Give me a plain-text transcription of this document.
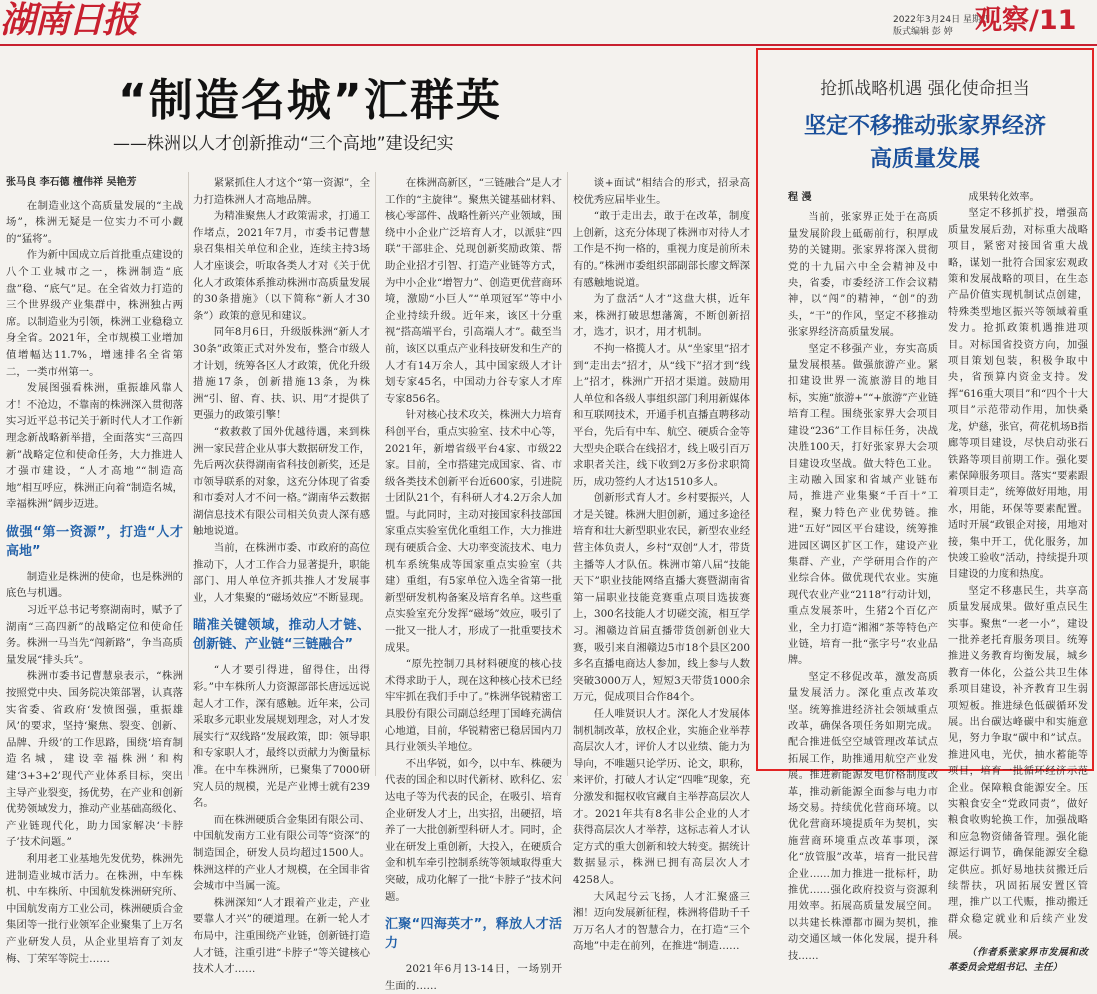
湖南日报	2022年3月24日 星期四
版式编辑 彭 婷 观察/11
“制造名城”汇群英
——株洲以人才创新推动“三个高地”建设纪实

张马良 李石德 檀伟祥 吴艳芳

在制造业这个高质量发展的“主战场”，株洲无疑是一位实力不可小觑的“猛将”。

作为新中国成立后首批重点建设的八个工业城市之一，株洲制造“底盘”稳、“底气”足。在全省效力打造的三个世界级产业集群中，株洲独占两席。以制造业为引领，株洲工业稳稳立身全省。2021年，全市规模工业增加值增幅达11.7%，增速排名全省第二，一类市州第一。

发展图强看株洲，重振雄风靠人才！不沧边，不靠南的株洲深入贯彻落实习近平总书记关于新时代人才工作新理念新战略新举措，全面落实“三高四新”战略定位和使命任务，大力推进人才强市建设，“人才高地”“制造高地”相互呼应，株洲正向着“制造名城，幸福株洲”阔步迈进。

做强“第一资源”，打造“人才高地”

制造业是株洲的使命，也是株洲的底色与机遇。

习近平总书记考察湖南时，赋予了湖南“三高四新”的战略定位和使命任务。株洲一马当先“闯新路”，争当高质量发展“排头兵”。

株洲市委书记曹慧泉表示，“株洲按照党中央、国务院决策部署，认真落实省委、省政府‘发愤图强，重振雄风’的要求，坚持‘聚焦、裂变、创新、品牌、升级’的工作思路，围绕‘培育制造名城，建设幸福株洲’和构建‘3+3+2’现代产业体系目标，突出主导产业裂变，扬优势，在产业和创新优势领域发力，推动产业基础高级化、产业链现代化，助力国家解决‘卡脖子’技术问题。”

利用老工业基地先发优势，株洲先进制造业城市活力。在株洲，中车株机、中车株所、中国航发株洲研究所、中国航发南方工业公司，株洲硬质合金集团等一批行业领军企业聚集了上万名产业研发人员，从企业里培育了刘友梅、丁荣军等院士……

紧紧抓住人才这个“第一资源”，全力打造株洲人才高地品牌。

为精准聚焦人才政策需求，打通工作堵点，2021年7月，市委书记曹慧泉召集相关单位和企业，连续主持3场人才座谈会，听取各类人才对《关于优化人才政策体系推动株洲市高质量发展的30条措施》（以下简称“新人才30条”）政策的意见和建议。

同年8月6日，升级版株洲“新人才30条”政策正式对外发布，整合市级人才计划，统筹各区人才政策，优化升级措施17条，创新措施13条，为株洲“引、留、育、扶、识、用”才提供了更强力的政策引擎！

“救救救了国外优越待遇，来到株洲一家民营企业从事大数据研发工作，先后两次获得湖南省科技创新奖，还是市领导联系的对象，这充分体现了省委和市委对人才不问一格。”湖南华云数据湖信息技术有限公司相关负责人深有感触地说道。

当前，在株洲市委、市政府的高位推动下，人才工作合力显著提升，职能部门、用人单位齐抓共推人才发展事业，人才集聚的“磁场效应”不断显现。

瞄准关键领域，推动人才链、创新链、产业链“三链融合”

“人才要引得进，留得住，出得彩。”中车株所人力资源部部长唐远远说起人才工作，深有感触。近年来，公司采取多元职业发展规划理念，对人才发展实行“双线路”发展政策，即：领导职和专家职人才，最终以贡献力为衡量标准。在中车株洲所，已聚集了7000研究人员的规模，光是产业博士就有239名。

而在株洲硬质合金集团有限公司、中国航发南方工业有限公司等“资深”的制造国企，研发人员均超过1500人。株洲这样的产业人才规模，在全国非省会城市中当属一流。

株洲深知“人才跟着产业走，产业要靠人才兴”的硬道理。在新一轮人才布局中，注重围绕产业链，创新链打造人才链，注重引进“卡脖子”等关键核心技术人才……

在株洲高新区，“三链融合”是人才工作的“主旋律”。聚焦关键基础材料、核心零部件、战略性新兴产业领域，围绕中小企业广泛培育人才，以派驻“四联”干部驻企、兑现创新奖励政策、帮助企业招才引智、打造产业链等方式，为中小企业“增智力”、创造更优营商环境，激励“小巨人”“单项冠军”等中小企业持续升级。近年来，该区十分重视“搭高端平台，引高端人才”。截至当前，该区以重点产业科技研发和生产的人才有14万余人，其中国家级人才计划专家45名，中国动力谷专家人才库专家856名。

针对核心技术攻关，株洲大力培育科创平台，重点实验室、技术中心等，2021年，新增省级平台4家、市级22家。目前，全市搭建完成国家、省、市级各类技术创新平台近600家，引进院士团队21个，有科研人才4.2万余人加盟。与此同时，主动对接国家科技部国家重点实验室优化重组工作，大力推进现有硬质合金、大功率变流技术、电力机车系统集成等国家重点实验室（共建）重组，有5家单位入选全省第一批新型研发机构备案及培育名单。这些重点实验室充分发挥“磁场”效应，吸引了一批又一批人才，形成了一批重要技术成果。

“原先控制刀具材料硬度的核心技术得求助于人，现在这种核心技术已经牢牢抓在我们手中了。”株洲华锐精密工具股份有限公司副总经理丁国峰充满信心地道，目前，华锐精密已稳居国内刀具行业领头羊地位。

不出华锐，如今，以中车、株硬为代表的国企和以时代新材、欧科亿、宏达电子等为代表的民企，在吸引、培育企业研发人才上，出实招，出硬招，培养了一大批创新型科研人才。同时，企业在研发上重创新，大投入，在硬质合金和机车牵引控制系统等领域取得重大突破，成功化解了一批“卡脖子”技术问题。

汇聚“四海英才”，释放人才活力

2021年6月13-14日，一场别开生面的……

谈+面试”相结合的形式，招录高校优秀应届毕业生。

“敢于走出去，敢于在改革，制度上创新，这充分体现了株洲市对待人才工作是不拘一格的，重视力度是前所未有的。”株洲市委组织部副部长廖文辉深有感触地说道。

为了盘活“人才”这盘大棋，近年来，株洲打破思想藩篱，不断创新招才，选才，识才，用才机制。

不拘一格揽人才。从“坐家里”招才到“走出去”招才，从“线下”招才到“线上”招才，株洲广开招才渠道。鼓励用人单位和各级人事组织部门利用新媒体和互联网技术，开通手机直播直聘移动平台，先后有中车、航空、硬质合金等大型央企联合在线招才，线上吸引百万求职者关注，线下收到2万多份求职简历，成功签约人才达1510多人。

创新形式育人才。乡村要振兴，人才是关键。株洲大胆创新，通过多途径培育和壮大新型职业农民，新型农业经营主体负责人，乡村“双创”人才，带货主播等人才队伍。株洲市第八届“技能天下”职业技能网络直播大赛暨湖南省第一届职业技能竞赛重点项目选拔赛上，300名技能人才切磋交流，相互学习。湘赣边首届直播带货创新创业大赛，吸引来自湘赣边5市18个县区200多名直播电商达人参加，线上参与人数突破3000万人，短短3天带货1000余万元，促成项目合作84个。

任人唯贤识人才。深化人才发展体制机制改革，放权企业，实施企业举荐高层次人才，评价人才以业绩、能力为导向，不唯题只论学历、论文，职称，来评价，打破人才认定“四唯”现象，充分激发和掘权收官藏自主举荐高层次人才。2021年共有8名非公企业的人才获得高层次人才举荐，这标志着人才认定方式的重大创新和较大转变。据统计数据显示，株洲已拥有高层次人才4258人。

大风起兮云飞扬，人才汇聚盛三湘！迈向发展新征程，株洲将借助千千万万名人才的智慧合力，在打造“三个高地”中走在前列，在推进“制造……

抢抓战略机遇 强化使命担当
坚定不移推动张家界经济
高质量发展

程 漫

当前，张家界正处于在高质量发展阶段上砥砺前行，积厚成势的关键期。张家界将深入贯彻党的十九届六中全会精神及中央，省委，市委经济工作会议精神，以“闯”的精神，“创”的劲头，“干”的作风，坚定不移推动张家界经济高质量发展。

坚定不移强产业，夯实高质量发展根基。做强旅游产业。紧扣建设世界一流旅游目的地目标，实施“旅游+”“+旅游”产业链培育工程。围绕张家界大会项目建设“236”工作目标任务，决战决胜100天，打好张家界大会项目建设攻坚战。做大特色工业。主动融入国家和省域产业链布局，推进产业集聚“千百十”工程，聚力特色产业优势链。推进“五好”园区平台建设，统筹推进园区调区扩区工作，建设产业集群、产业，产学研用合作的产业综合体。做优现代农业。实施现代农业产业“2118”行动计划，重点发展茶叶，生猪2个百亿产业，全力打造“湘湘”茶等特色产业链，培育一批“张字号”农业品牌。

坚定不移促改革，激发高质量发展活力。深化重点改革攻坚。统筹推进经济社会领域重点改革，确保各项任务如期完成。配合推进低空空域管理改革试点拓展工作，助推通用航空产业发展。推进新能源发电价格制度改革，推动新能源全面参与电力市场交易。持续优化营商环境。以优化营商环境提质年为契机，实施营商环境重点改革事项，深化“放管服”改革，培育一批民营企业……加力推进一批标杆，助推优……强化政府投资与资源利用效率。拓展高质量发展空间。以共建长株潭都市圈为契机，推动交通区域一体化发展，提升科技……

成果转化效率。

坚定不移抓扩投，增强高质量发展后劲，对标重大战略项目，紧密对接国省重大战略，谋划一批符合国家宏观政策和发展战略的项目，在生态产品价值实现机制试点创建，特殊类型地区振兴等领域着重发力。抢抓政策机遇推进项目。对标国省投资方向，加强项目策划包装，积极争取中央，省预算内资金支持。发挥“616重大项目”和“四个十大项目”示范带动作用，加快桑龙，炉慈，张官，荷花机场B指廊等项目建设，尽快启动张石铁路等项目前期工作。强化要素保障服务项目。落实“要素跟着项目走”，统筹做好用地，用水，用能，环保等要素配置。适时开展“政银企对接，用地对接，集中开工，优化服务，加快竣工验收”活动，持续提升项目建设的力度和热度。

坚定不移惠民生，共享高质量发展成果。做好重点民生实事。聚焦“一老一小”，建设一批养老托育服务项目。统筹推进义务教育均衡发展，城乡教育一体化，公益公共卫生体系项目建设，补齐教育卫生弱项短板。推进绿色低碳循环发展。出台碳达峰碳中和实施意见，努力争取“碳中和”试点。推进风电，光伏，抽水蓄能等项目，培育一批循环经济示范企业。保障粮食能源安全。压实粮食安全“党政同责”，做好粮食收购轮换工作，加强战略和应急物资储备管理。强化能源运行调节，确保能源安全稳定供应。抓好易地扶贫搬迁后续帮扶，巩固拓展安置区管理，推广以工代赈，推动搬迁群众稳定就业和后续产业发展。

（作者系张家界市发展和改革委员会党组书记、主任）
